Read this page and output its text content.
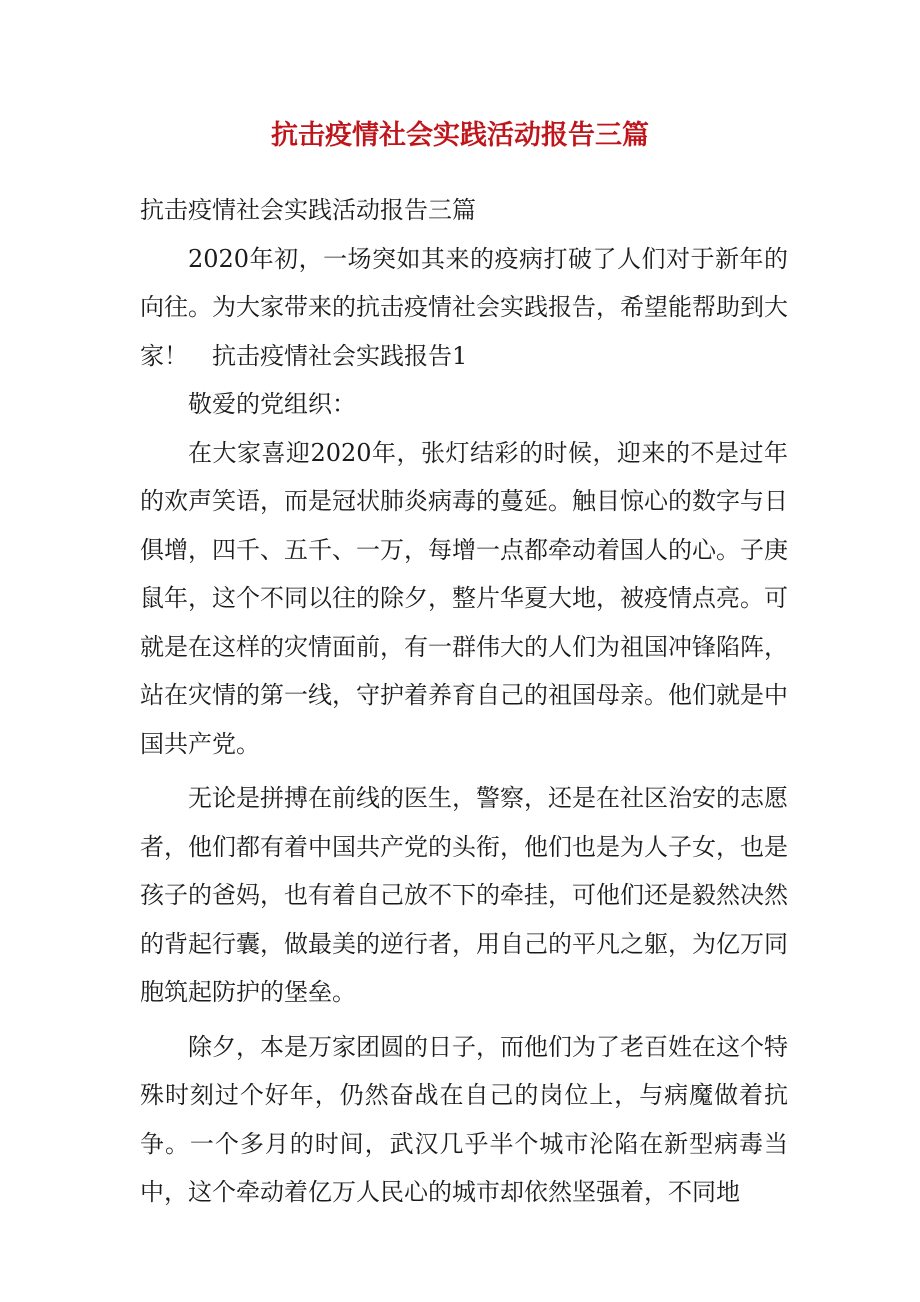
抗击疫情社会实践活动报告三篇

抗击疫情社会实践活动报告三篇

2020年初，一场突如其来的疫病打破了人们对于新年的向往。为大家带来的抗击疫情社会实践报告，希望能帮助到大家！　抗击疫情社会实践报告1

敬爱的党组织：

在大家喜迎2020年，张灯结彩的时候，迎来的不是过年的欢声笑语，而是冠状肺炎病毒的蔓延。触目惊心的数字与日俱增，四千、五千、一万，每增一点都牵动着国人的心。子庚鼠年，这个不同以往的除夕，整片华夏大地，被疫情点亮。可就是在这样的灾情面前，有一群伟大的人们为祖国冲锋陷阵，站在灾情的第一线，守护着养育自己的祖国母亲。他们就是中国共产党。

无论是拼搏在前线的医生，警察，还是在社区治安的志愿者，他们都有着中国共产党的头衔，他们也是为人子女，也是孩子的爸妈，也有着自己放不下的牵挂，可他们还是毅然决然的背起行囊，做最美的逆行者，用自己的平凡之躯，为亿万同胞筑起防护的堡垒。

除夕，本是万家团圆的日子，而他们为了老百姓在这个特殊时刻过个好年，仍然奋战在自己的岗位上，与病魔做着抗争。一个多月的时间，武汉几乎半个城市沦陷在新型病毒当中，这个牵动着亿万人民心的城市却依然坚强着，不同地
